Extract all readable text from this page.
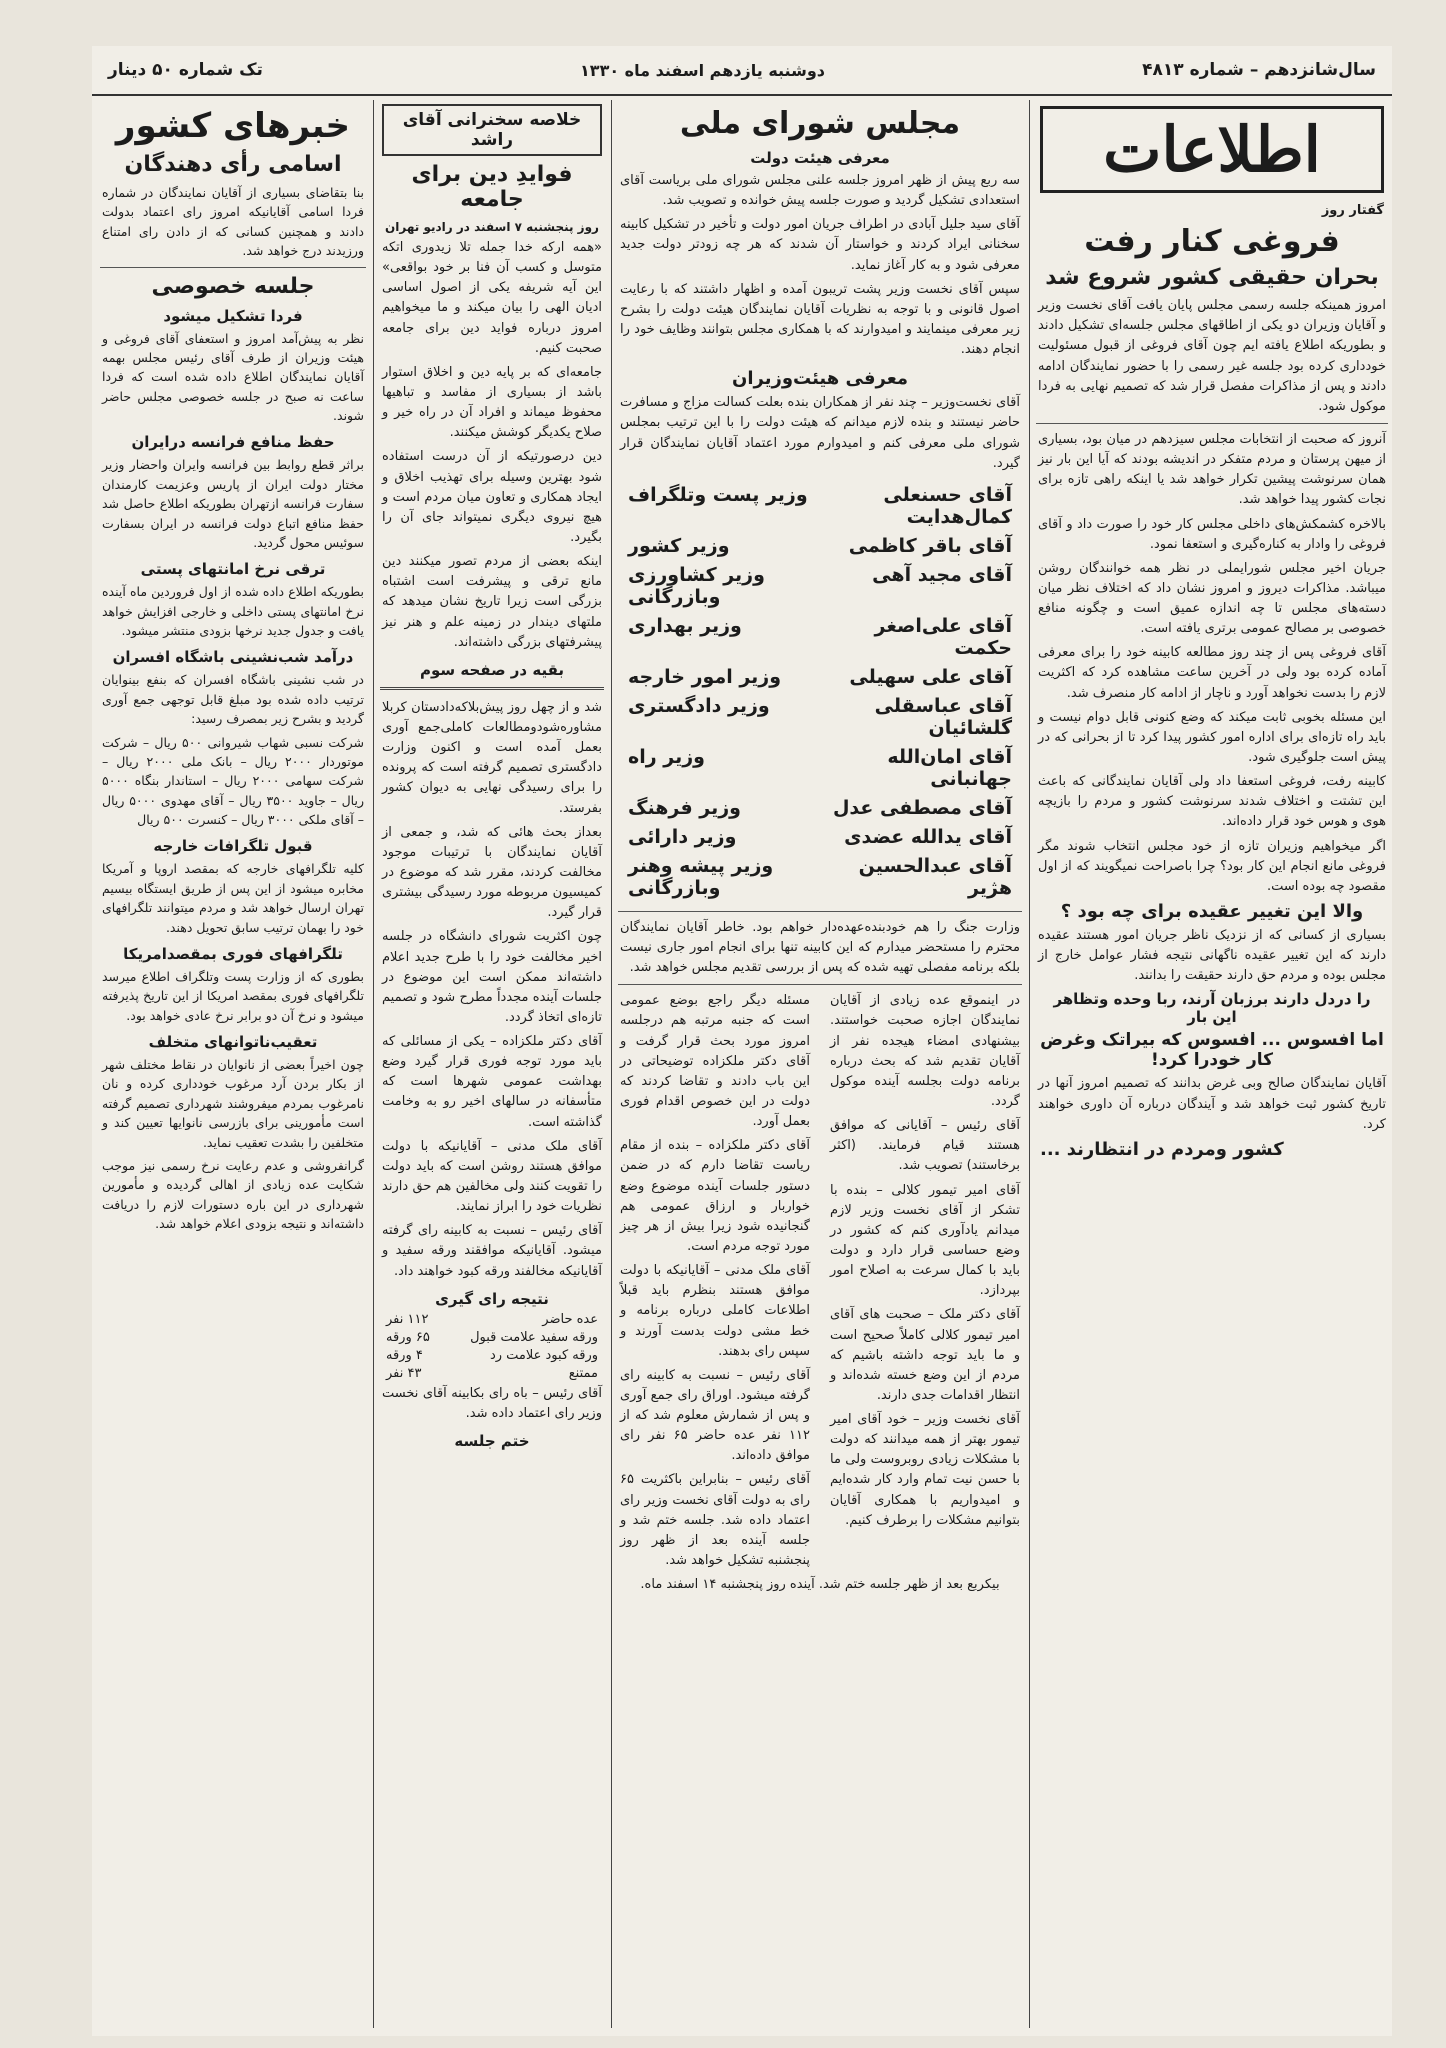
سال‌شانزدهم – شماره ۴۸۱۳
دوشنبه یازدهم اسفند ماه ۱۳۳۰
تک شماره ۵۰ دینار
اطلاعات
گفتار روز
فروغی کنار رفت
بحران حقیقی کشور شروع شد

امروز همینکه جلسه رسمی مجلس پایان یافت آقای نخست وزیر و آقایان وزیران دو یکی از اطاقهای مجلس جلسه‌ای تشکیل دادند و بطوریکه اطلاع یافته ایم چون آقای فروغی از قبول مسئولیت خودداری کرده بود جلسه غیر رسمی را با حضور نمایندگان ادامه دادند و پس از مذاکرات مفصل قرار شد که تصمیم نهایی به فردا موکول شود.

آنروز که صحبت از انتخابات مجلس سیزدهم در میان بود، بسیاری از میهن پرستان و مردم متفکر در اندیشه بودند که آیا این بار نیز همان سرنوشت پیشین تکرار خواهد شد یا اینکه راهی تازه برای نجات کشور پیدا خواهد شد.

بالاخره کشمکش‌های داخلی مجلس کار خود را صورت داد و آقای فروغی را وادار به کناره‌گیری و استعفا نمود.

جریان اخیر مجلس شورایملی در نظر همه خوانندگان روشن میباشد. مذاکرات دیروز و امروز نشان داد که اختلاف نظر میان دسته‌های مجلس تا چه اندازه عمیق است و چگونه منافع خصوصی بر مصالح عمومی برتری یافته است.

آقای فروغی پس از چند روز مطالعه کابینه خود را برای معرفی آماده کرده بود ولی در آخرین ساعت مشاهده کرد که اکثریت لازم را بدست نخواهد آورد و ناچار از ادامه کار منصرف شد.

این مسئله بخوبی ثابت میکند که وضع کنونی قابل دوام نیست و باید راه تازه‌ای برای اداره امور کشور پیدا کرد تا از بحرانی که در پیش است جلوگیری شود.

کابینه رفت، فروغی استعفا داد ولی آقایان نمایندگانی که باعث این تشتت و اختلاف شدند سرنوشت کشور و مردم را بازیچه هوی و هوس خود قرار داده‌اند.

اگر میخواهیم وزیران تازه از خود مجلس انتخاب شوند مگر فروغی مانع انجام این کار بود؟ چرا باصراحت نمیگویند که از اول مقصود چه بوده است.

والا این تغییر عقیده برای چه بود ؟

بسیاری از کسانی که از نزدیک ناظر جریان امور هستند عقیده دارند که این تغییر عقیده ناگهانی نتیجه فشار عوامل خارج از مجلس بوده و مردم حق دارند حقیقت را بدانند.

را دردل دارند برزبان آرند، ربا وحده وتظاهر این بار
اما افسوس ... افسوس که بیراتک وغرض کار خودرا کرد!

آقایان نمایندگان صالح وبی غرض بدانند که تصمیم امروز آنها در تاریخ کشور ثبت خواهد شد و آیندگان درباره آن داوری خواهند کرد.

کشور ومردم در انتظارند ...
مجلس شورای ملی
معرفی هیئت دولت

سه ربع پیش از ظهر امروز جلسه علنی مجلس شورای ملی بریاست آقای استعدادی تشکیل گردید و صورت جلسه پیش خوانده و تصویب شد.

آقای سید جلیل آبادی در اطراف جریان امور دولت و تأخیر در تشکیل کابینه سخنانی ایراد کردند و خواستار آن شدند که هر چه زودتر دولت جدید معرفی شود و به کار آغاز نماید.

سپس آقای نخست وزیر پشت تریبون آمده و اظهار داشتند که با رعایت اصول قانونی و با توجه به نظریات آقایان نمایندگان هیئت دولت را بشرح زیر معرفی مینمایند و امیدوارند که با همکاری مجلس بتوانند وظایف خود را انجام دهند.

معرفی هیئت‌وزیران

آقای نخست‌وزیر – چند نفر از همکاران بنده بعلت کسالت مزاج و مسافرت حاضر نیستند و بنده لازم میدانم که هیئت دولت را با این ترتیب بمجلس شورای ملی معرفی کنم و امیدوارم مورد اعتماد آقایان نمایندگان قرار گیرد.

آقای حسنعلی کمال‌هدایت
وزیر پست وتلگراف
آقای باقر کاظمی
وزیر کشور
آقای مجید آهی
وزیر کشاورزی وبازرگانی
آقای علی‌اصغر حکمت
وزیر بهداری
آقای علی سهیلی
وزیر امور خارجه
آقای عباسقلی گلشائیان
وزیر دادگستری
آقای امان‌الله جهانبانی
وزیر راه
آقای مصطفی عدل
وزیر فرهنگ
آقای یدالله عضدی
وزیر دارائی
آقای عبدالحسین هژیر
وزیر پیشه وهنر وبازرگانی

وزارت جنگ را هم خودبنده‌عهده‌دار خواهم بود. خاطر آقایان نمایندگان محترم را مستحضر میدارم که این کابینه تنها برای انجام امور جاری نیست بلکه برنامه مفصلی تهیه شده که پس از بررسی تقدیم مجلس خواهد شد.

در اینموقع عده زیادی از آقایان نمایندگان اجازه صحبت خواستند. بیشنهادی امضاء هیجده نفر از آقایان تقدیم شد که بحث درباره برنامه دولت بجلسه آینده موکول گردد.

آقای رئیس – آقایانی که موافق هستند قیام فرمایند. (اکثر برخاستند) تصویب شد.

آقای امیر تیمور کلالی – بنده با تشکر از آقای نخست وزیر لازم میدانم یادآوری کنم که کشور در وضع حساسی قرار دارد و دولت باید با کمال سرعت به اصلاح امور بپردازد.

آقای دکتر ملک – صحبت های آقای امیر تیمور کلالی کاملاً صحیح است و ما باید توجه داشته باشیم که مردم از این وضع خسته شده‌اند و انتظار اقدامات جدی دارند.

آقای نخست وزیر – خود آقای امیر تیمور بهتر از همه میدانند که دولت با مشکلات زیادی روبروست ولی ما با حسن نیت تمام وارد کار شده‌ایم و امیدواریم با همکاری آقایان بتوانیم مشکلات را برطرف کنیم.

مسئله دیگر راجع بوضع عمومی است که جنبه مرتبه هم درجلسه امروز مورد بحث قرار گرفت و آقای دکتر ملکزاده توضیحاتی در این باب دادند و تقاضا کردند که دولت در این خصوص اقدام فوری بعمل آورد.

آقای دکتر ملکزاده – بنده از مقام ریاست تقاضا دارم که در ضمن دستور جلسات آینده موضوع وضع خواربار و ارزاق عمومی هم گنجانیده شود زیرا بیش از هر چیز مورد توجه مردم است.

آقای ملک مدنی – آقایانیکه با دولت موافق هستند بنظرم باید قبلاً اطلاعات کاملی درباره برنامه و خط مشی دولت بدست آورند و سپس رای بدهند.

آقای رئیس – نسبت به کابینه رای گرفته میشود. اوراق رای جمع آوری و پس از شمارش معلوم شد که از ۱۱۲ نفر عده حاضر ۶۵ نفر رای موافق داده‌اند.

آقای رئیس – بنابراین باکثریت ۶۵ رای به دولت آقای نخست وزیر رای اعتماد داده شد. جلسه ختم شد و جلسه آینده بعد از ظهر روز پنجشنبه تشکیل خواهد شد.

بیکربع بعد از ظهر جلسه ختم شد. آینده روز پنجشنبه ۱۴ اسفند ماه.

خلاصه سخنرانی آقای راشد
فوایدِ دین برای جامعه
روز پنجشنبه ۷ اسفند در رادیو تهران

«همه ارکه خدا جمله تلا زیدوری اتکه متوسل و کسب آن فنا بر خود بواقعی» این آیه شریفه یکی از اصول اساسی ادیان الهی را بیان میکند و ما میخواهیم امروز درباره فواید دین برای جامعه صحبت کنیم.

جامعه‌ای که بر پایه دین و اخلاق استوار باشد از بسیاری از مفاسد و تباهیها محفوظ میماند و افراد آن در راه خیر و صلاح یکدیگر کوشش میکنند.

دین درصورتیکه از آن درست استفاده شود بهترین وسیله برای تهذیب اخلاق و ایجاد همکاری و تعاون میان مردم است و هیچ نیروی دیگری نمیتواند جای آن را بگیرد.

اینکه بعضی از مردم تصور میکنند دین مانع ترقی و پیشرفت است اشتباه بزرگی است زیرا تاریخ نشان میدهد که ملتهای دیندار در زمینه علم و هنر نیز پیشرفتهای بزرگی داشته‌اند.

بقیه در صفحه سوم

شد و از چهل روز پیش‌بلاکه‌دادستان کربلا مشاوره‌شودو‌مطالعات کاملی‌جمع آوری بعمل آمده است و اکنون وزارت دادگستری تصمیم گرفته است که پرونده را برای رسیدگی نهایی به دیوان کشور بفرستد.

بعداز بحث هائی که شد، و جمعی از آقایان نمایندگان با ترتیبات موجود مخالفت کردند، مقرر شد که موضوع در کمیسیون مربوطه مورد رسیدگی بیشتری قرار گیرد.

چون اکثریت شورای دانشگاه در جلسه اخیر مخالفت خود را با طرح جدید اعلام داشته‌اند ممکن است این موضوع در جلسات آینده مجدداً مطرح شود و تصمیم تازه‌ای اتخاذ گردد.

آقای دکتر ملکزاده – یکی از مسائلی که باید مورد توجه فوری قرار گیرد وضع بهداشت عمومی شهرها است که متأسفانه در سالهای اخیر رو به وخامت گذاشته است.

آقای ملک مدنی – آقایانیکه با دولت موافق هستند روشن است که باید دولت را تقویت کنند ولی مخالفین هم حق دارند نظریات خود را ابراز نمایند.

آقای رئیس – نسبت به کابینه رای گرفته میشود. آقایانیکه موافقند ورقه سفید و آقایانیکه مخالفند ورقه کبود خواهند داد.

نتیجه رای گیری
عده حاضر
۱۱۲ نفر
ورقه سفید علامت قبول
۶۵ ورقه
ورقه کبود علامت رد
۴ ورقه
ممتنع
۴۳ نفر

آقای رئیس – باه رای بکابینه آقای نخست وزیر رای اعتماد داده شد.

ختم جلسه
خبرهای کشور
اسامی رأی دهندگان

بنا بتقاضای بسیاری از آقایان نمایندگان در شماره فردا اسامی آقایانیکه امروز رای اعتماد بدولت دادند و همچنین کسانی که از دادن رای امتناع ورزیدند درج خواهد شد.

جلسه خصوصی
فردا تشکیل میشود

نظر به پیش‌آمد امروز و استعفای آقای فروغی و هیئت وزیران از طرف آقای رئیس مجلس بهمه آقایان نمایندگان اطلاع داده شده است که فردا ساعت نه صبح در جلسه خصوصی مجلس حاضر شوند.

حفظ منافع فرانسه درایران

براثر قطع روابط بین فرانسه وایران واحضار وزیر مختار دولت ایران از پاریس وعزیمت کارمندان سفارت فرانسه ازتهران بطوریکه اطلاع حاصل شد حفظ منافع اتباع دولت فرانسه در ایران بسفارت سوئیس محول گردید.

ترقی نرخ امانتهای پستی

بطوریکه اطلاع داده شده از اول فروردین ماه آینده نرخ امانتهای پستی داخلی و خارجی افزایش خواهد یافت و جدول جدید نرخها بزودی منتشر میشود.

درآمد شب‌نشینی باشگاه افسران

در شب نشینی باشگاه افسران که بنفع بینوایان ترتیب داده شده بود مبلغ قابل توجهی جمع آوری گردید و بشرح زیر بمصرف رسید:

شرکت نسبی شهاب شیروانی ۵۰۰ ریال – شرکت موتوردار ۲۰۰۰ ریال – بانک ملی ۲۰۰۰ ریال – شرکت سهامی ۲۰۰۰ ریال – استاندار بنگاه ۵۰۰۰ ریال – جاوید ۳۵۰۰ ریال – آقای مهدوی ۵۰۰۰ ریال – آقای ملکی ۳۰۰۰ ریال – کنسرت ۵۰۰ ریال

قبول تلگرافات خارجه

کلیه تلگرافهای خارجه که بمقصد اروپا و آمریکا مخابره میشود از این پس از طریق ایستگاه بیسیم تهران ارسال خواهد شد و مردم میتوانند تلگرافهای خود را بهمان ترتیب سابق تحویل دهند.

تلگرافهای فوری بمقصدامریکا

بطوری که از وزارت پست وتلگراف اطلاع میرسد تلگرافهای فوری بمقصد امریکا از این تاریخ پذیرفته میشود و نرخ آن دو برابر نرخ عادی خواهد بود.

تعقیب‌ناتوانهای متخلف

چون اخیراً بعضی از نانوایان در نقاط مختلف شهر از بکار بردن آرد مرغوب خودداری کرده و نان نامرغوب بمردم میفروشند شهرداری تصمیم گرفته است مأمورینی برای بازرسی نانوایها تعیین کند و متخلفین را بشدت تعقیب نماید.

گرانفروشی و عدم رعایت نرخ رسمی نیز موجب شکایت عده زیادی از اهالی گردیده و مأمورین شهرداری در این باره دستورات لازم را دریافت داشته‌اند و نتیجه بزودی اعلام خواهد شد.
